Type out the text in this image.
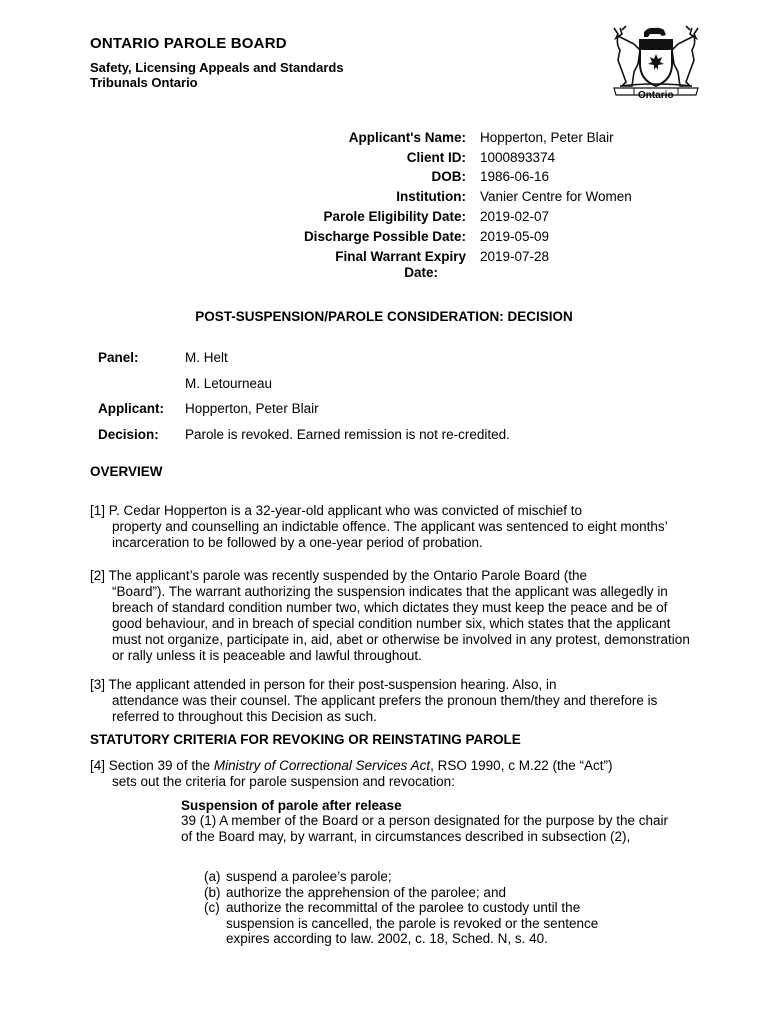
ONTARIO PAROLE BOARD
Safety, Licensing Appeals and Standards
Tribunals Ontario
Ontario
Applicant's Name: Hopperton, Peter Blair
Client ID: 1000893374
DOB: 1986-06-16
Institution: Vanier Centre for Women
Parole Eligibility Date: 2019-02-07
Discharge Possible Date: 2019-05-09
Final Warrant Expiry
Date:
2019-07-28
POST-SUSPENSION/PAROLE CONSIDERATION: DECISION
Panel:	M. Helt
M. Letourneau
Applicant: Hopperton, Peter Blair
Decision: Parole is revoked. Earned remission is not re-credited.
OVERVIEW
[1] P. Cedar Hopperton is a 32-year-old applicant who was convicted of mischief to
property and counselling an indictable offence. The applicant was sentenced to eight months’ incarceration to be followed by a one-year period of probation.
[2] The applicant’s parole was recently suspended by the Ontario Parole Board (the
“Board”). The warrant authorizing the suspension indicates that the applicant was allegedly in breach of standard condition number two, which dictates they must keep the peace and be of good behaviour, and in breach of special condition number six, which states that the applicant must not organize, participate in, aid, abet or otherwise be involved in any protest, demonstration or rally unless it is peaceable and lawful throughout.
[3] The applicant attended in person for their post-suspension hearing. Also, in
attendance was their counsel. The applicant prefers the pronoun them/they and therefore is referred to throughout this Decision as such.
STATUTORY CRITERIA FOR REVOKING OR REINSTATING PAROLE
[4] Section 39 of the Ministry of Correctional Services Act, RSO 1990, c M.22 (the “Act”)
sets out the criteria for parole suspension and revocation:
Suspension of parole after release
39 (1) A member of the Board or a person designated for the purpose by the chair of the Board may, by warrant, in circumstances described in subsection (2),
(a) suspend a parolee’s parole;
(b) authorize the apprehension of the parolee; and
(c) authorize the recommittal of the parolee to custody until the
suspension is cancelled, the parole is revoked or the sentence expires according to law. 2002, c. 18, Sched. N, s. 40.
